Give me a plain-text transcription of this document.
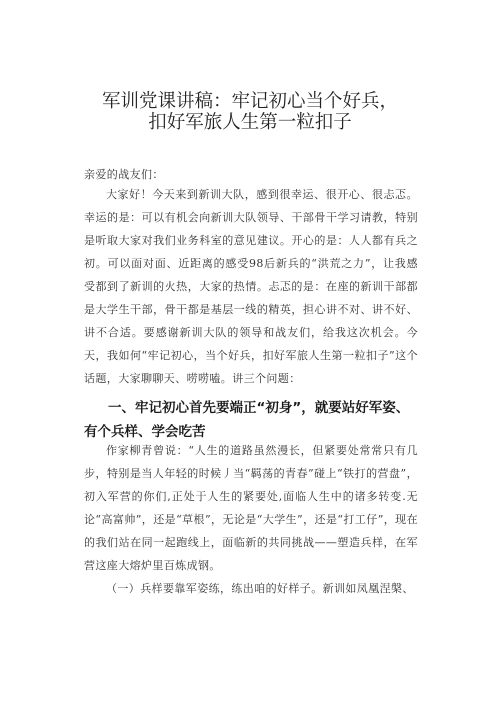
军训党课讲稿：牢记初心当个好兵，
扣好军旅人生第一粒扣子

亲爱的战友们：

大家好！今天来到新训大队，感到很幸运、很开心、很忐忑。幸运的是：可以有机会向新训大队领导、干部骨干学习请教，特别是听取大家对我们业务科室的意见建议。开心的是：人人都有兵之初。可以面对面、近距离的感受98后新兵的“洪荒之力”，让我感受都到了新训的火热，大家的热情。忐忑的是：在座的新训干部都是大学生干部，骨干都是基层一线的精英，担心讲不对、讲不好、讲不合适。要感谢新训大队的领导和战友们，给我这次机会。今天，我如何“牢记初心，当个好兵，扣好军旅人生第一粒扣子”这个话题，大家聊聊天、唠唠嗑。讲三个问题：

一、牢记初心首先要端正“初身”，就要站好军姿、有个兵样、学会吃苦

作家柳青曾说：“人生的道路虽然漫长，但紧要处常常只有几步，特别是当人年轻的时候丿当“羁荡的青春”碰上“铁打的营盘”，初入军营的你们,正处于人生的紧要处,面临人生中的诸多转变.无论“高富帅”，还是“草根”，无论是“大学生”，还是“打工仔”，现在的我们站在同一起跑线上，面临新的共同挑战——塑造兵样，在军营这座大熔炉里百炼成钢。

（一）兵样要靠军姿练，练出咱的好样子。新训如凤凰涅槃、
